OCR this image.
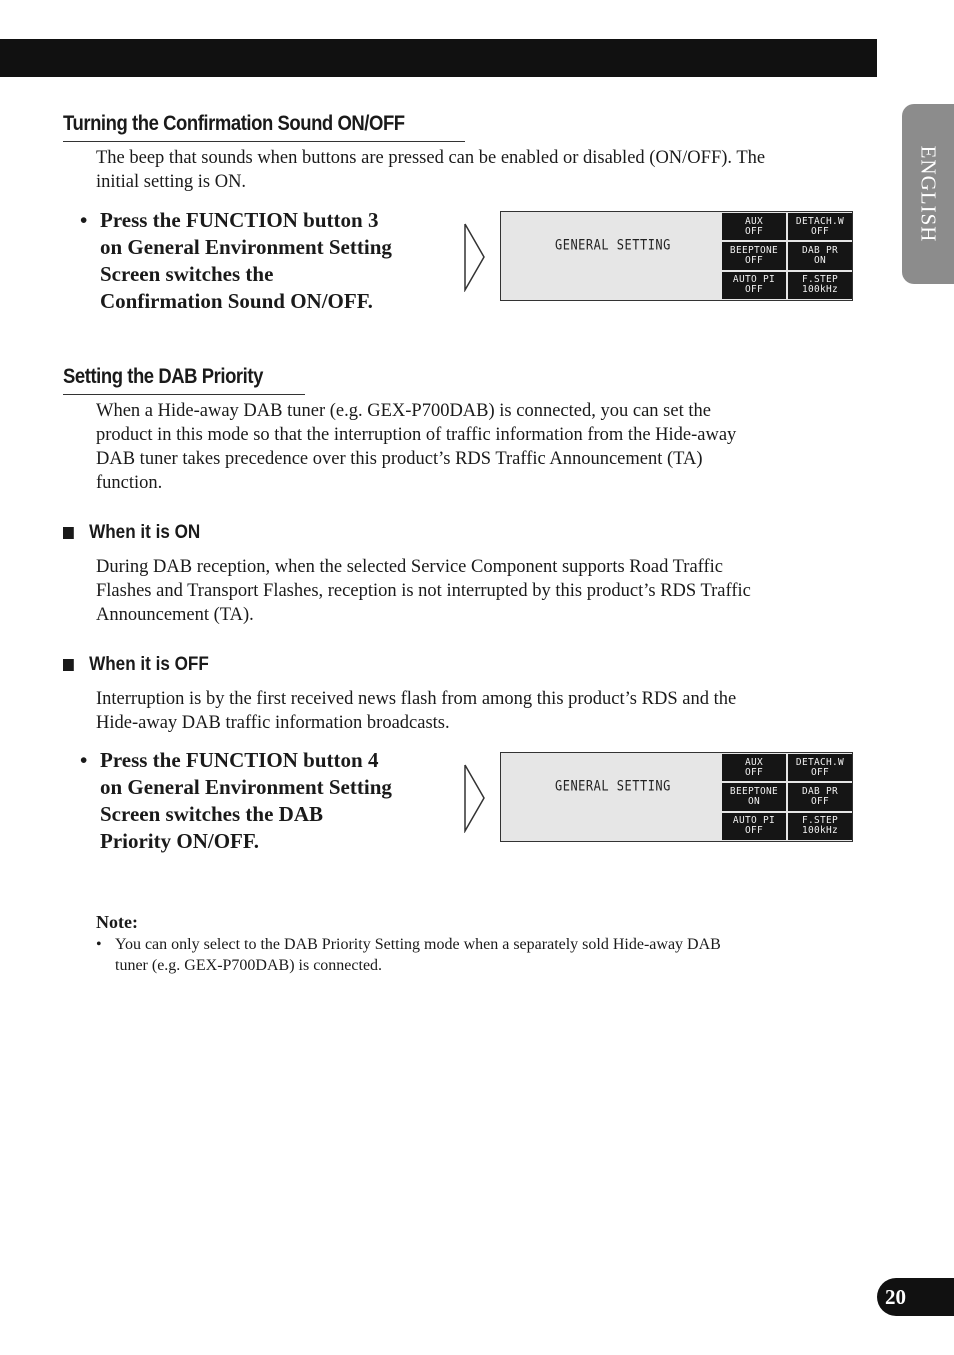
ENGLISH
Turning the Confirmation Sound ON/OFF

The beep that sounds when buttons are pressed can be enabled or disabled (ON/OFF). The
initial setting is ON.

• Press the FUNCTION button 3
on General Environment Setting
Screen switches the
Confirmation Sound ON/OFF.

GENERAL SETTING
AUX
OFF
DETACH.W
OFF
BEEPTONE
OFF
DAB PR
ON
AUTO PI
OFF
F.STEP
100kHz
Setting the DAB Priority

When a Hide-away DAB tuner (e.g. GEX-P700DAB) is connected, you can set the
product in this mode so that the interruption of traffic information from the Hide-away
DAB tuner takes precedence over this product’s RDS Traffic Announcement (TA)
function.

When it is ON

During DAB reception, when the selected Service Component supports Road Traffic
Flashes and Transport Flashes, reception is not interrupted by this product’s RDS Traffic
Announcement (TA).

When it is OFF

Interruption is by the first received news flash from among this product’s RDS and the
Hide-away DAB traffic information broadcasts.

• Press the FUNCTION button 4
on General Environment Setting
Screen switches the DAB
Priority ON/OFF.

GENERAL SETTING
AUX
OFF
DETACH.W
OFF
BEEPTONE
ON
DAB PR
OFF
AUTO PI
OFF
F.STEP
100kHz

Note:

• You can only select to the DAB Priority Setting mode when a separately sold Hide-away DAB
tuner (e.g. GEX-P700DAB) is connected.

20
